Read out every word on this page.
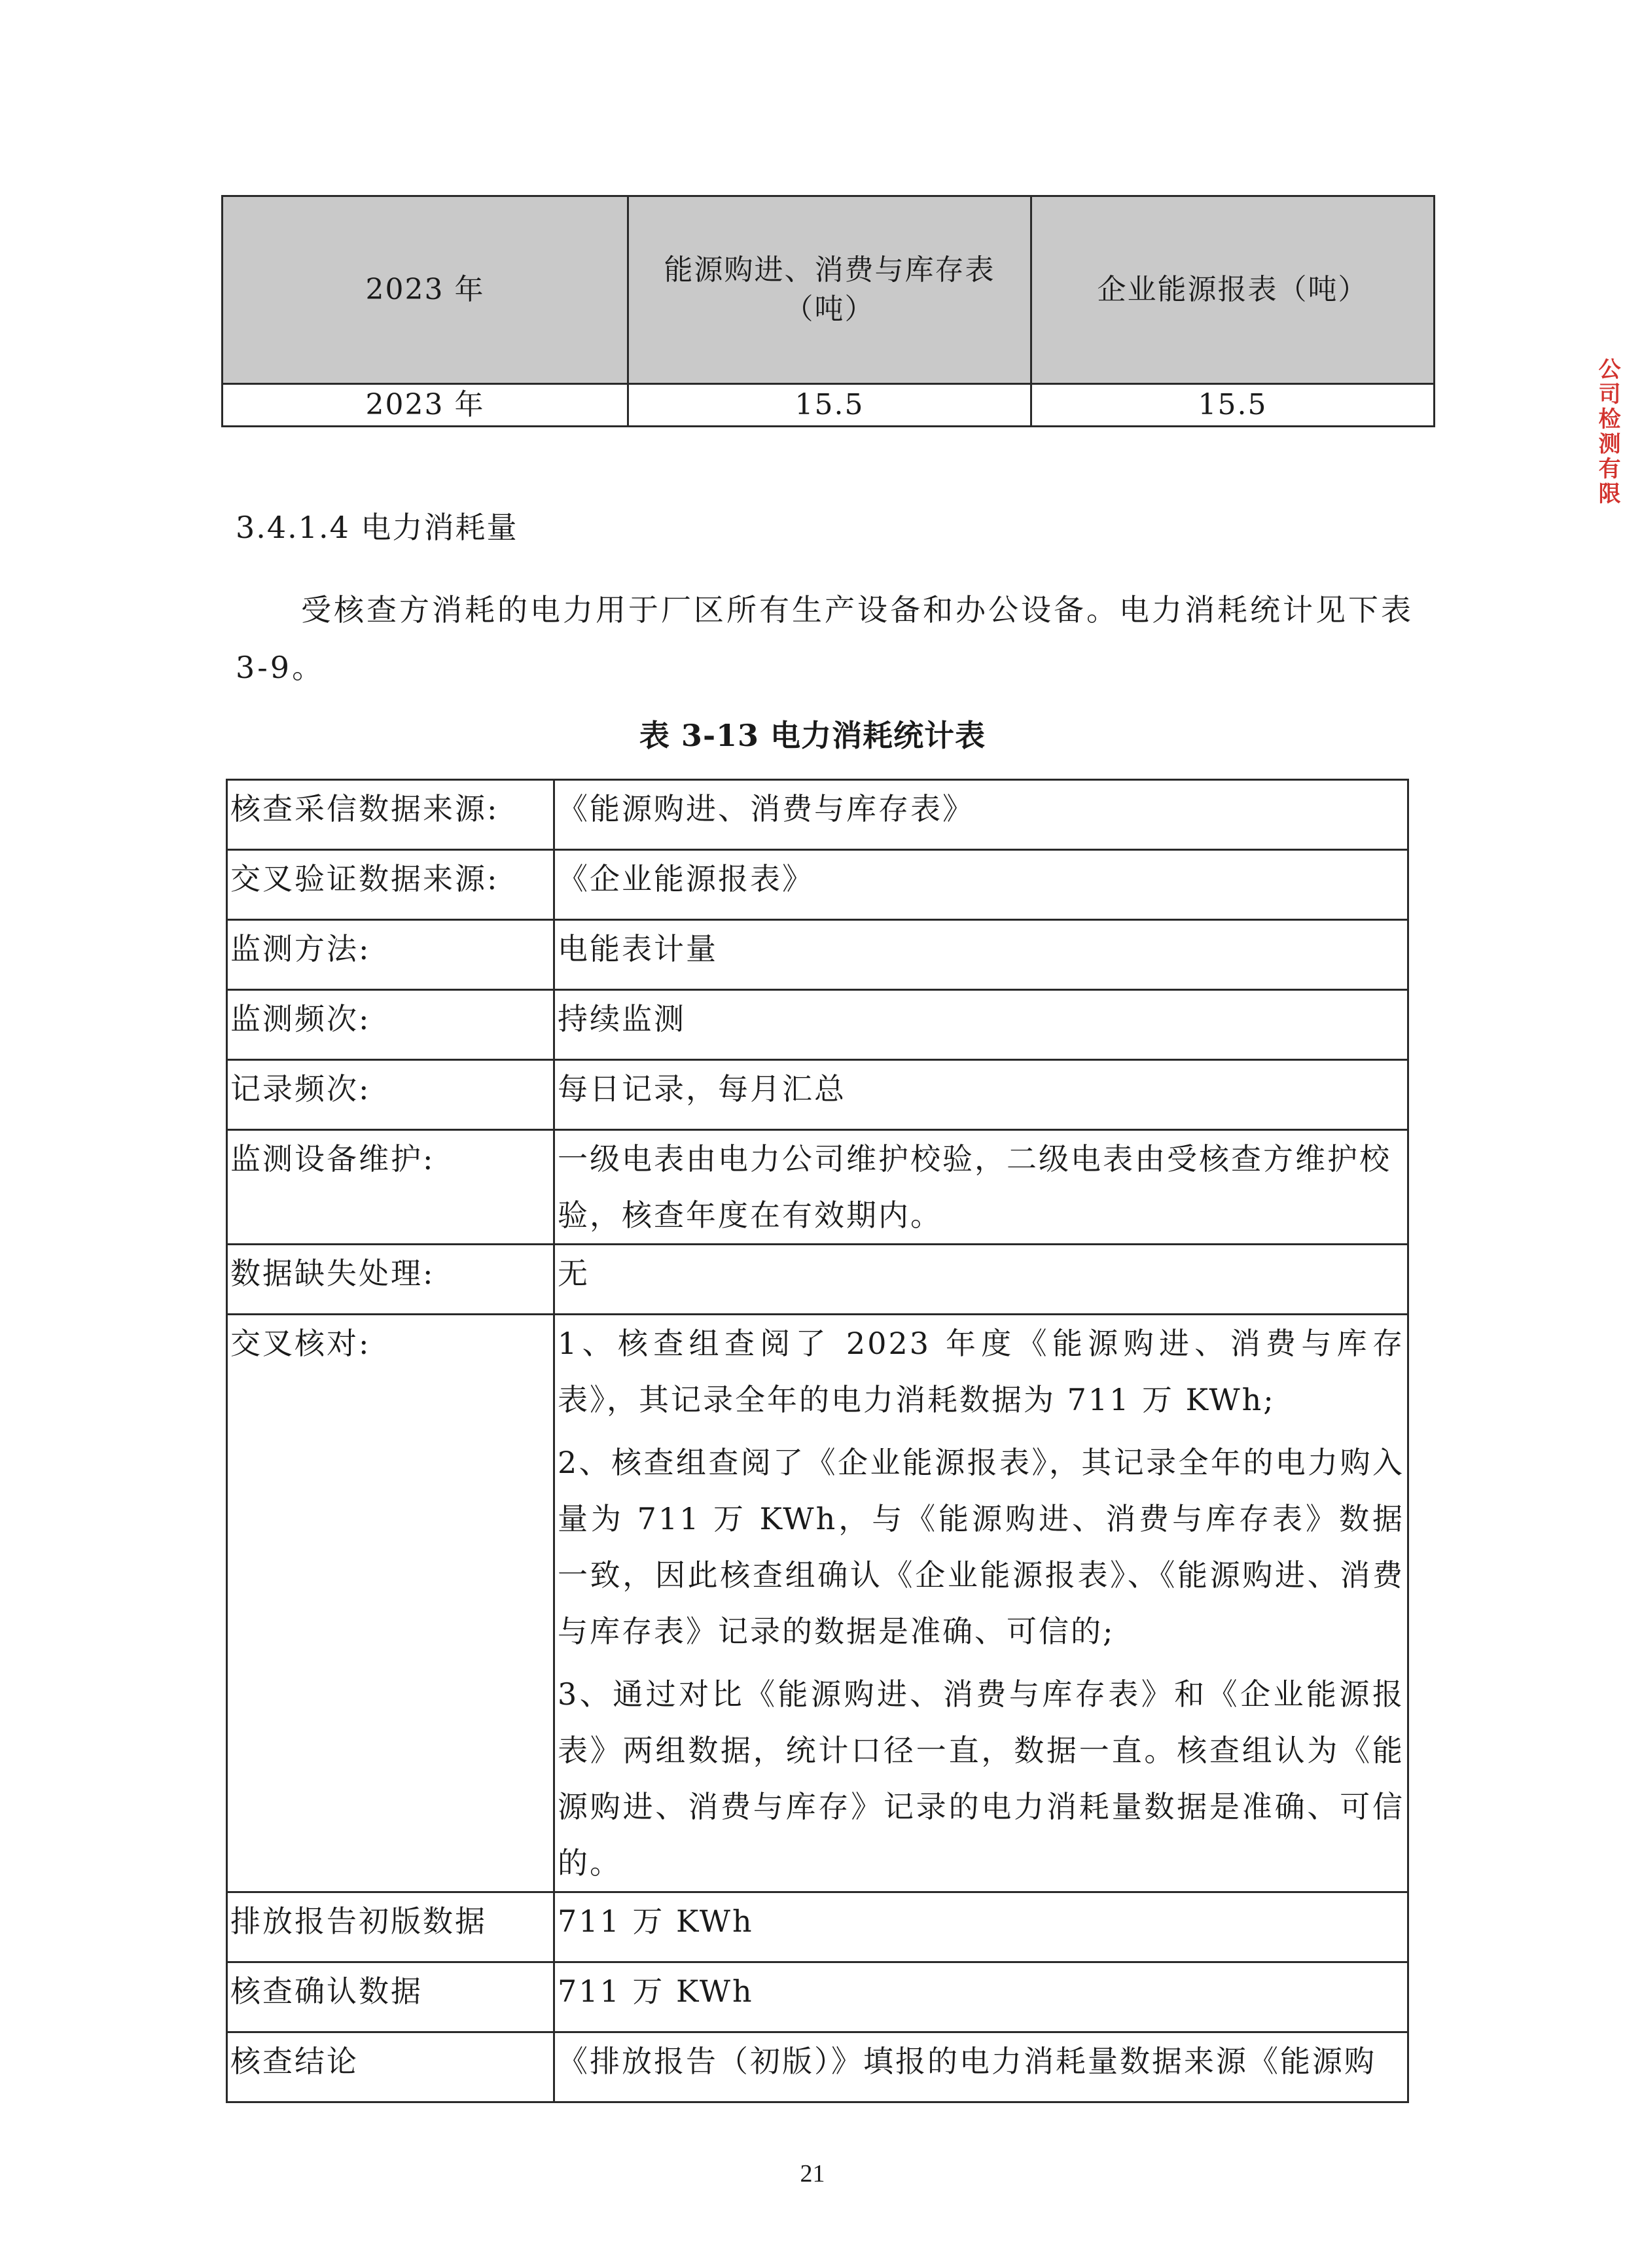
2023 年	能源购进、消费与库存表（吨）	企业能源报表（吨）
2023 年	15.5	15.5
3.4.1.4 电力消耗量
受核查方消耗的电力用于厂区所有生产设备和办公设备。电力消耗统计见下表 3-9。
表 3-13 电力消耗统计表
核查采信数据来源:	《能源购进、消费与库存表》
交叉验证数据来源:	《企业能源报表》
监测方法:	电能表计量
监测频次:	持续监测
记录频次:	每日记录，每月汇总
监测设备维护:	一级电表由电力公司维护校验，二级电表由受核查方维护校验，核查年度在有效期内。
数据缺失处理:	无
交叉核对:	1、核查组查阅了 2023 年度《能源购进、消费与库存表》，其记录全年的电力消耗数据为 711 万 KWh;

2、核查组查阅了《企业能源报表》，其记录全年的电力购入量为 711 万 KWh，与《能源购进、消费与库存表》数据一致，因此核查组确认《企业能源报表》、《能源购进、消费与库存表》记录的数据是准确、可信的;

3、通过对比《能源购进、消费与库存表》和《企业能源报表》两组数据，统计口径一直，数据一直。核查组认为《能源购进、消费与库存》记录的电力消耗量数据是准确、可信的。

排放报告初版数据	711 万 KWh
核查确认数据	711 万 KWh
核查结论	《排放报告（初版）》填报的电力消耗量数据来源《能源购
21
公司检测有限
